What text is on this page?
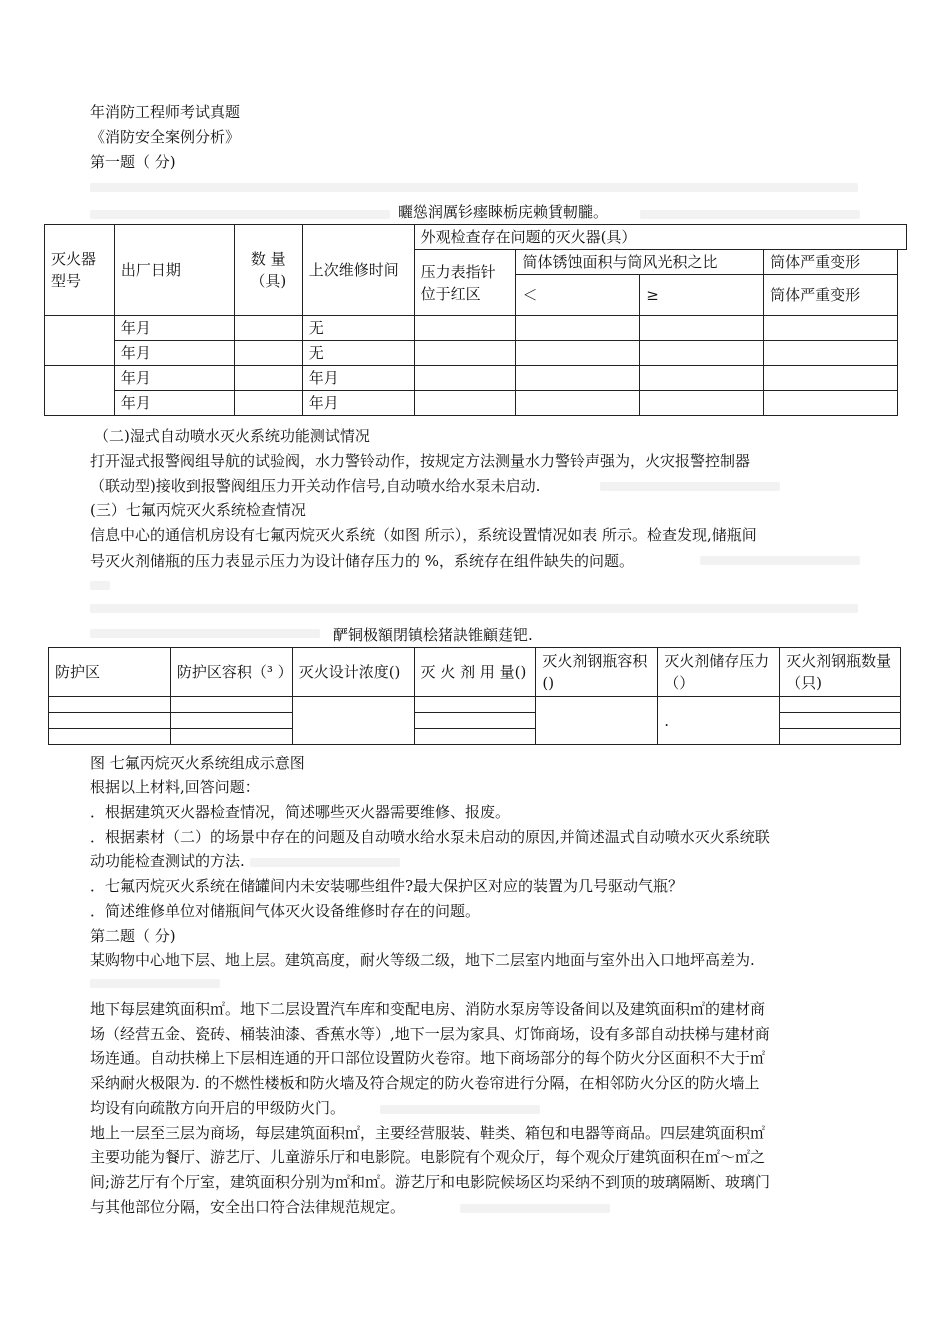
年消防工程师考试真题
《消防安全案例分析》
第一题（ 分)
曬慫润厲钐瘗睞栃庑赖賃軔朧。
灭火器型号	出厂日期	数 量 （具)	上次维修时间	外观检查存在问题的灭火器(具）			
				压力表指针位于红区	简体锈蚀面积与筒风光积之比		筒体严重变形
					＜	≥	筒体严重变形
	年月		无				
	年月		无				
	年月		年月				
	年月		年月				
（二)湿式自动喷水灭火系统功能测试情况
打开湿式报警阀组导航的试验阀，水力警铃动作，按规定方法测量水力警铃声强为，火灾报警控制器
（联动型)接收到报警阀组压力开关动作信号,自动喷水给水泵未启动.
(三）七氟丙烷灭火系统检查情况
信息中心的通信机房设有七氟丙烷灭火系统（如图 所示），系统设置情况如表 所示。检查发现,储瓶间
号灭火剂储瓶的压力表显示压力为设计储存压力的 %，系统存在组件缺失的问题。
酽铜极額閉镇桧猪訣锥顧莛钯.
防护区	防护区容积（³ ）	灭火设计浓度()	灭 火 剂 用 量()	灭火剂钢瓶容积()	灭火剂储存压力（）	灭火剂钢瓶数量（只)
					.	

图 七氟丙烷灭火系统组成示意图
根据以上材料,回答问题：
．根据建筑灭火器检查情况，简述哪些灭火器需要维修、报废。
．根据素材（二）的场景中存在的问题及自动喷水给水泵未启动的原因,并简述温式自动喷水灭火系统联
动功能检查测试的方法.
．七氟丙烷灭火系统在储罐间内未安装哪些组件?最大保护区对应的装置为几号驱动气瓶？
．简述维修单位对储瓶间气体灭火设备维修时存在的问题。
第二题（ 分)
某购物中心地下层、地上层。建筑高度，耐火等级二级，地下二层室内地面与室外出入口地坪高差为.
地下每层建筑面积㎡。地下二层设置汽车库和变配电房、消防水泵房等设备间以及建筑面积㎡的建材商
场（经营五金、瓷砖、桶装油漆、香蕉水等）,地下一层为家具、灯饰商场，设有多部自动扶梯与建材商
场连通。自动扶梯上下层相连通的开口部位设置防火卷帘。地下商场部分的每个防火分区面积不大于㎡
采纳耐火极限为. 的不燃性楼板和防火墙及符合规定的防火卷帘进行分隔，在相邻防火分区的防火墙上
均设有向疏散方向开启的甲级防火门。
地上一层至三层为商场，每层建筑面积㎡，主要经营服装、鞋类、箱包和电器等商品。四层建筑面积㎡
主要功能为餐厅、游艺厅、儿童游乐厅和电影院。电影院有个观众厅，每个观众厅建筑面积在㎡～㎡之
间;游艺厅有个厅室，建筑面积分别为㎡和㎡。游艺厅和电影院候场区均采纳不到顶的玻璃隔断、玻璃门
与其他部位分隔，安全出口符合法律规范规定。
